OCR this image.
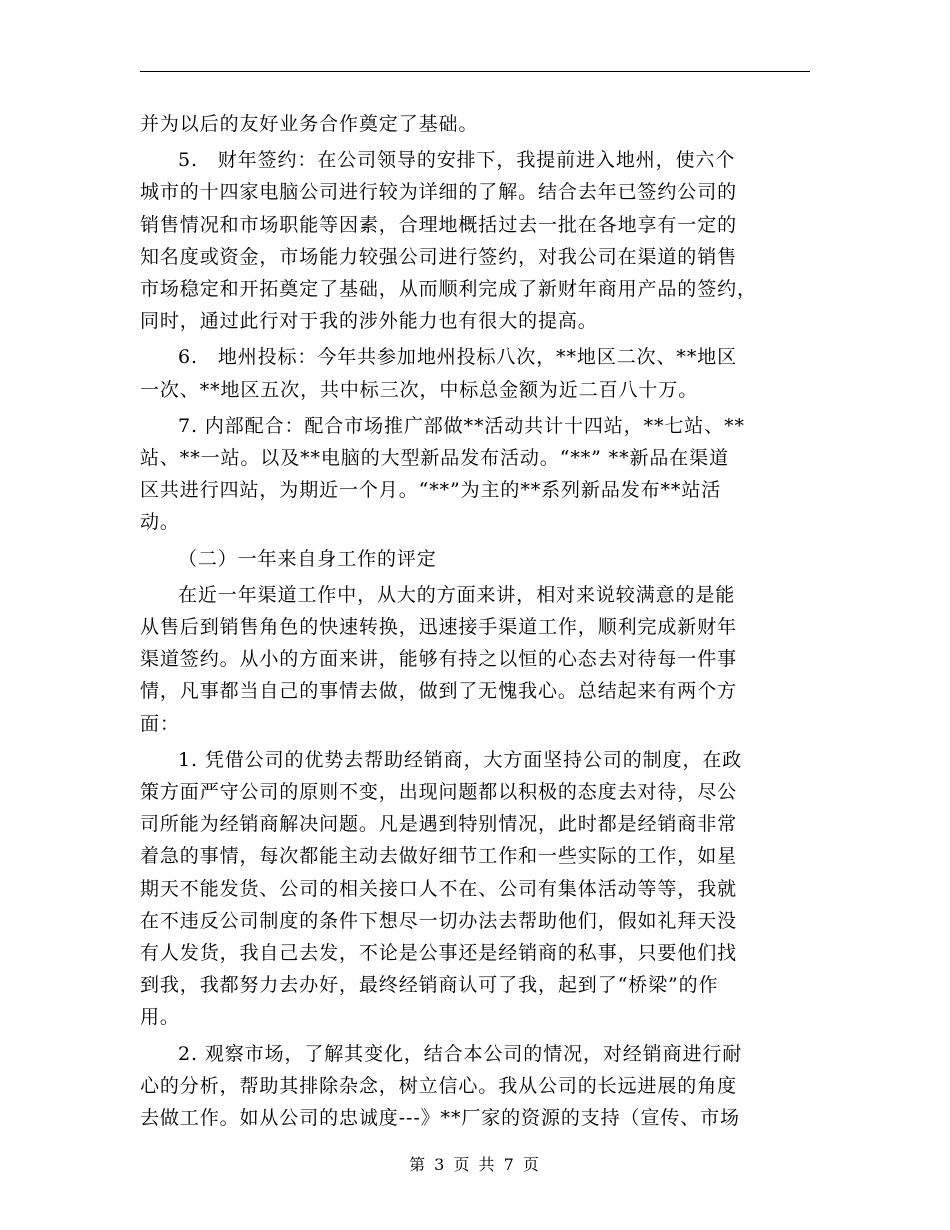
并为以后的友好业务合作奠定了基础。
5.　财年签约：在公司领导的安排下，我提前进入地州，使六个
城市的十四家电脑公司进行较为详细的了解。结合去年已签约公司的
销售情况和市场职能等因素，合理地概括过去一批在各地享有一定的
知名度或资金，市场能力较强公司进行签约，对我公司在渠道的销售
市场稳定和开拓奠定了基础，从而顺利完成了新财年商用产品的签约，
同时，通过此行对于我的涉外能力也有很大的提高。
6.　地州投标：今年共参加地州投标八次，**地区二次、**地区
一次、**地区五次，共中标三次，中标总金额为近二百八十万。
7. 内部配合：配合市场推广部做**活动共计十四站，**七站、**
站、**一站。以及**电脑的大型新品发布活动。“**” **新品在渠道
区共进行四站，为期近一个月。“**”为主的**系列新品发布**站活
动。
（二）一年来自身工作的评定
在近一年渠道工作中，从大的方面来讲，相对来说较满意的是能
从售后到销售角色的快速转换，迅速接手渠道工作，顺利完成新财年
渠道签约。从小的方面来讲，能够有持之以恒的心态去对待每一件事
情，凡事都当自己的事情去做，做到了无愧我心。总结起来有两个方
面：
1. 凭借公司的优势去帮助经销商，大方面坚持公司的制度，在政
策方面严守公司的原则不变，出现问题都以积极的态度去对待，尽公
司所能为经销商解决问题。凡是遇到特别情况，此时都是经销商非常
着急的事情，每次都能主动去做好细节工作和一些实际的工作，如星
期天不能发货、公司的相关接口人不在、公司有集体活动等等，我就
在不违反公司制度的条件下想尽一切办法去帮助他们，假如礼拜天没
有人发货，我自己去发，不论是公事还是经销商的私事，只要他们找
到我，我都努力去办好，最终经销商认可了我，起到了“桥梁”的作
用。
2. 观察市场，了解其变化，结合本公司的情况，对经销商进行耐
心的分析，帮助其排除杂念，树立信心。我从公司的长远进展的角度
去做工作。如从公司的忠诚度---》**厂家的资源的支持（宣传、市场
第 3 页 共 7 页
